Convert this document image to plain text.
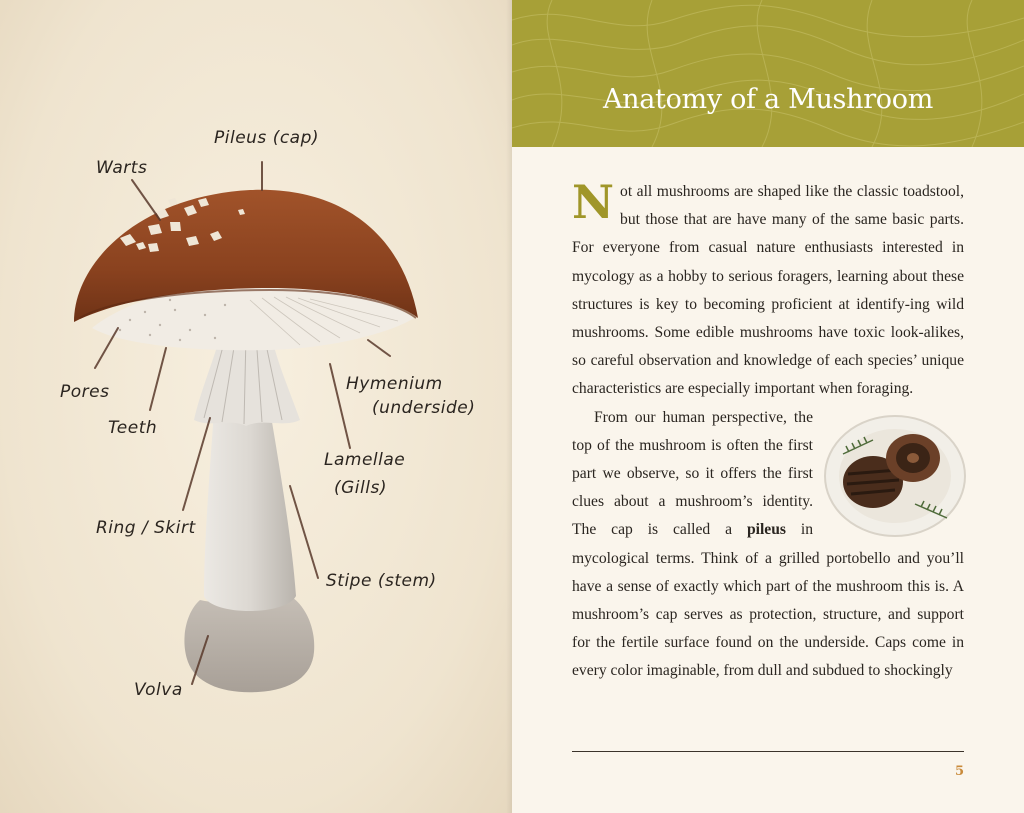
Pileus (cap)
Warts
Pores
Teeth
Hymenium
(underside)
Lamellae
(Gills)
Ring / Skirt
Stipe (stem)
Volva
Anatomy of a Mushroom

Not all mushrooms are shaped like the classic toadstool, but those that are have many of the same basic parts. For everyone from casual nature enthusiasts interested in mycology as a hobby to serious foragers, learning about these structures is key to becoming proficient at identify-ing wild mushrooms. Some edible mushrooms have toxic look-alikes, so careful observation and knowledge of each species’ unique characteristics are especially important when foraging.

From our human perspective, the top of the mushroom is often the first part we observe, so it offers the first clues about a mushroom’s identity. The cap is called a pileus in mycological terms. Think of a grilled portobello and you’ll have a sense of exactly which part of the mushroom this is. A mushroom’s cap serves as protection, structure, and support for the fertile surface found on the underside. Caps come in every color imaginable, from dull and subdued to shockingly

5
